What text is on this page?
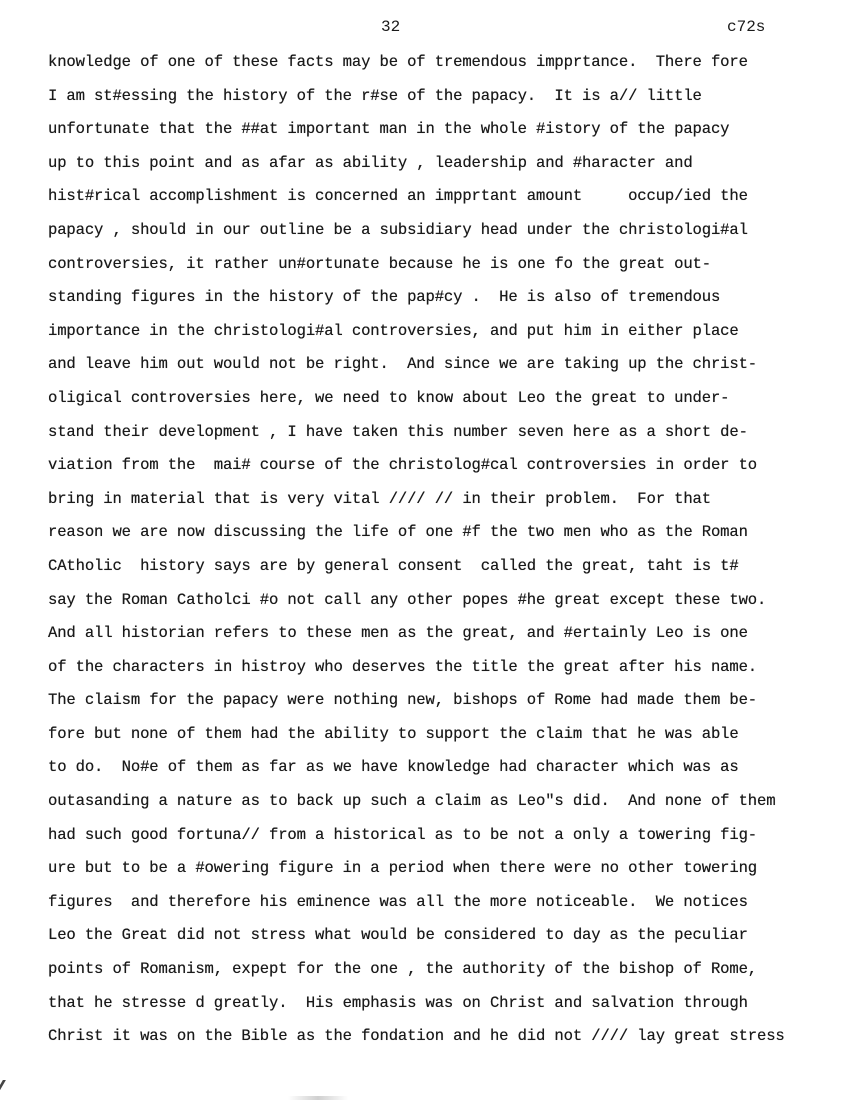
32	c72s
knowledge of one of these facts may be of tremendous impprtance.  There fore
I am st#essing the history of the r#se of the papacy.  It is a// little
unfortunate that the ##at important man in the whole #istory of the papacy
up to this point and as afar as ability , leadership and #haracter and
hist#rical accomplishment is concerned an impprtant amount     occup/ied the
papacy , should in our outline be a subsidiary head under the christologi#al
controversies, it rather un#ortunate because he is one fo the great out-
standing figures in the history of the pap#cy .  He is also of tremendous
importance in the christologi#al controversies, and put him in either place
and leave him out would not be right.  And since we are taking up the christ-
oligical controversies here, we need to know about Leo the great to under-
stand their development , I have taken this number seven here as a short de-
viation from the  mai# course of the christolog#cal controversies in order to
bring in material that is very vital //// // in their problem.  For that
reason we are now discussing the life of one #f the two men who as the Roman
CAtholic  history says are by general consent  called the great, taht is t#
say the Roman Catholci #o not call any other popes #he great except these two.
And all historian refers to these men as the great, and #ertainly Leo is one
of the characters in histroy who deserves the title the great after his name.
The claism for the papacy were nothing new, bishops of Rome had made them be-
fore but none of them had the ability to support the claim that he was able
to do.  No#e of them as far as we have knowledge had character which was as
outasanding a nature as to back up such a claim as Leo"s did.  And none of them
had such good fortuna// from a historical as to be not a only a towering fig-
ure but to be a #owering figure in a period when there were no other towering
figures  and therefore his eminence was all the more noticeable.  We notices
Leo the Great did not stress what would be considered to day as the peculiar
points of Romanism, expept for the one , the authority of the bishop of Rome,
that he stresse d greatly.  His emphasis was on Christ and salvation through
Christ it was on the Bible as the fondation and he did not //// lay great stress
